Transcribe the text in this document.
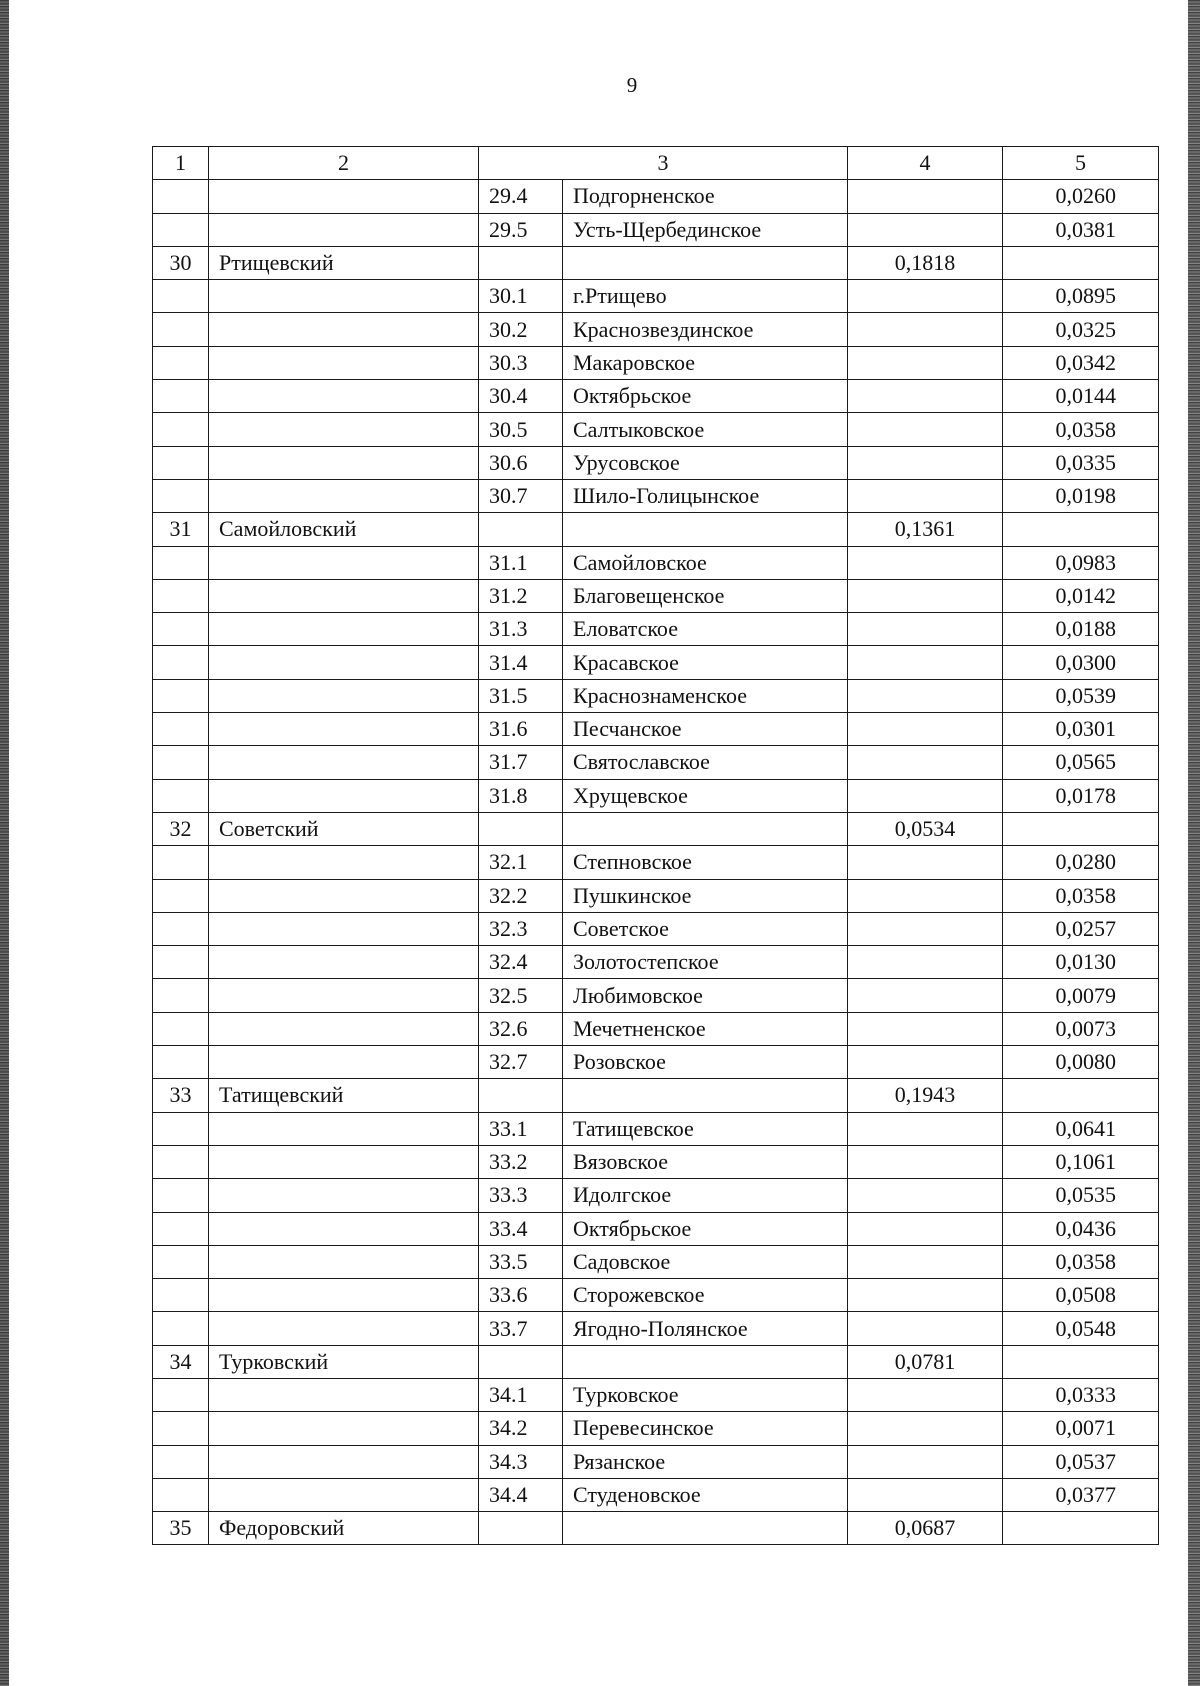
9
1	2	3		4	5
		29.4	Подгорненское		0,0260
		29.5	Усть-Щербединское		0,0381
30	Ртищевский			0,1818	
		30.1	г.Ртищево		0,0895
		30.2	Краснозвездинское		0,0325
		30.3	Макаровское		0,0342
		30.4	Октябрьское		0,0144
		30.5	Салтыковское		0,0358
		30.6	Урусовское		0,0335
		30.7	Шило-Голицынское		0,0198
31	Самойловский			0,1361	
		31.1	Самойловское		0,0983
		31.2	Благовещенское		0,0142
		31.3	Еловатское		0,0188
		31.4	Красавское		0,0300
		31.5	Краснознаменское		0,0539
		31.6	Песчанское		0,0301
		31.7	Святославское		0,0565
		31.8	Хрущевское		0,0178
32	Советский			0,0534	
		32.1	Степновское		0,0280
		32.2	Пушкинское		0,0358
		32.3	Советское		0,0257
		32.4	Золотостепское		0,0130
		32.5	Любимовское		0,0079
		32.6	Мечетненское		0,0073
		32.7	Розовское		0,0080
33	Татищевский			0,1943	
		33.1	Татищевское		0,0641
		33.2	Вязовское		0,1061
		33.3	Идолгское		0,0535
		33.4	Октябрьское		0,0436
		33.5	Садовское		0,0358
		33.6	Сторожевское		0,0508
		33.7	Ягодно-Полянское		0,0548
34	Турковский			0,0781	
		34.1	Турковское		0,0333
		34.2	Перевесинское		0,0071
		34.3	Рязанское		0,0537
		34.4	Студеновское		0,0377
35	Федоровский			0,0687	
